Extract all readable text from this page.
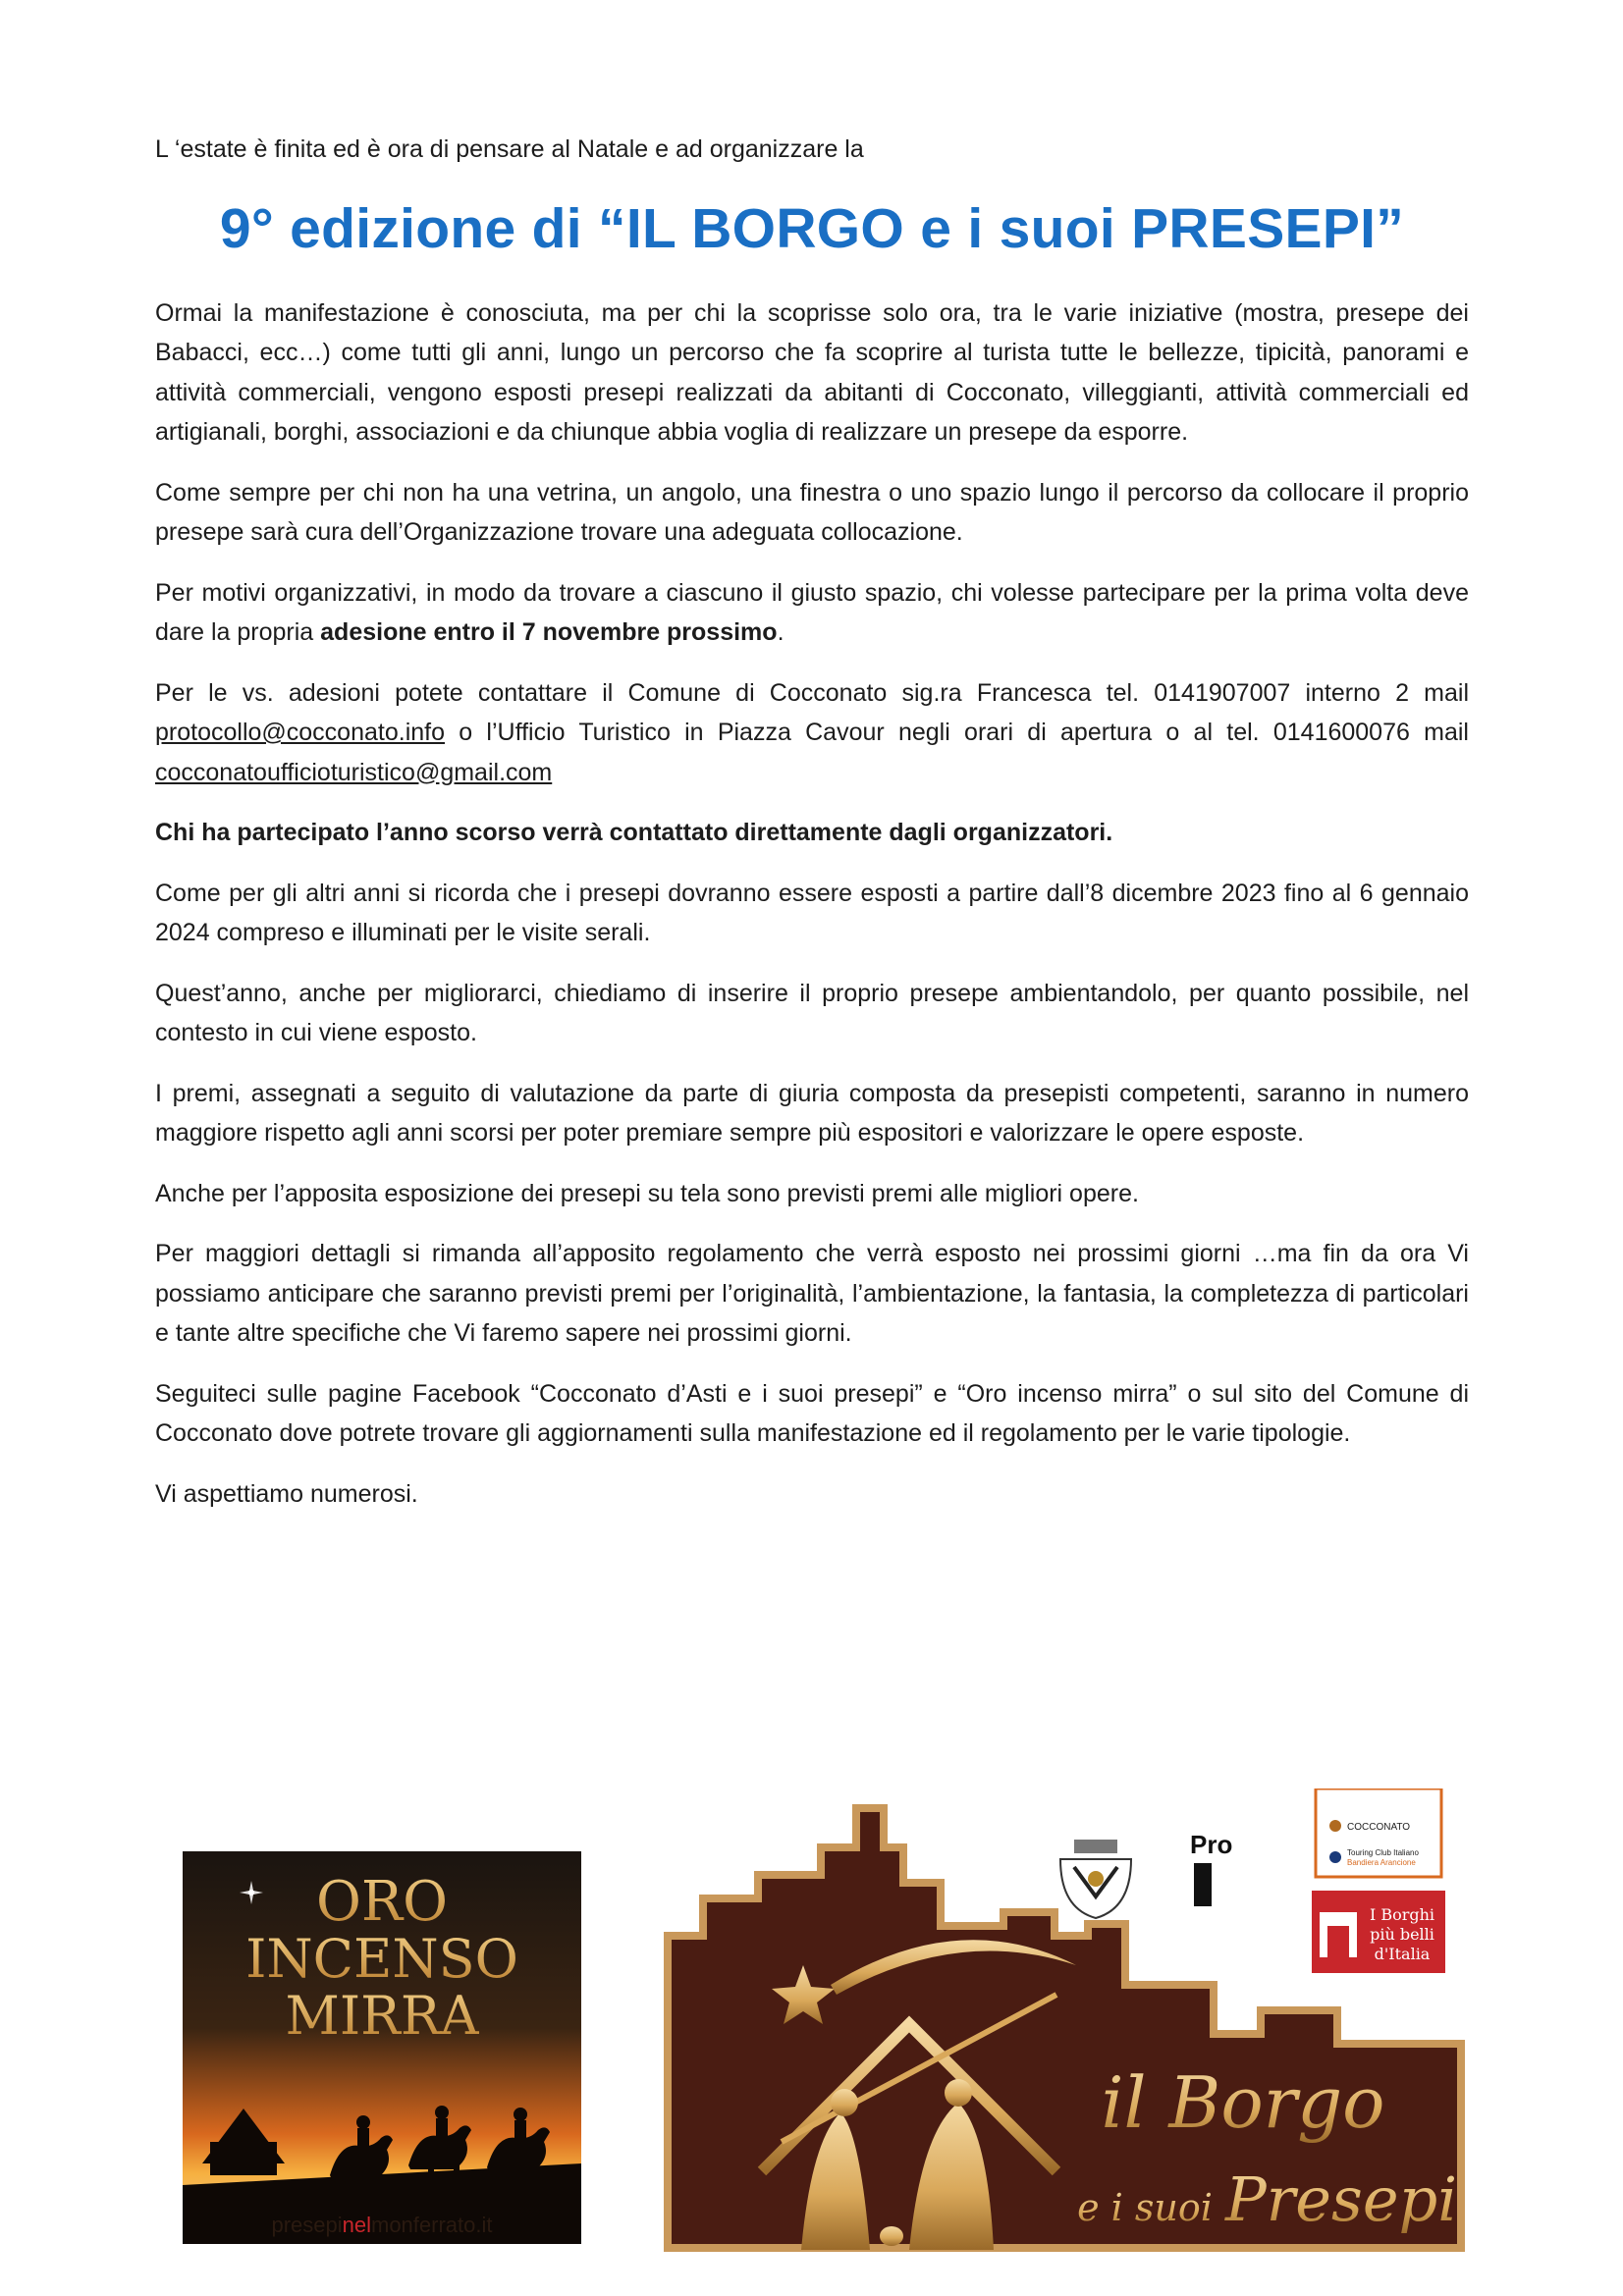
L ‘estate è finita ed è ora di pensare al Natale e ad organizzare la

9° edizione di “IL BORGO e i suoi PRESEPI”

Ormai la manifestazione è conosciuta, ma per chi la scoprisse solo ora, tra le varie iniziative (mostra, presepe dei Babacci, ecc…) come tutti gli anni, lungo un percorso che fa scoprire al turista tutte le bellezze, tipicità, panorami e attività commerciali, vengono esposti presepi realizzati da abitanti di Cocconato, villeggianti, attività commerciali ed artigianali, borghi, associazioni e da chiunque abbia voglia di realizzare un presepe da esporre.

Come sempre per chi non ha una vetrina, un angolo, una finestra o uno spazio lungo il percorso da collocare il proprio presepe sarà cura dell’Organizzazione trovare una adeguata collocazione.

Per motivi organizzativi, in modo da trovare a ciascuno il giusto spazio, chi volesse partecipare per la prima volta deve dare la propria adesione entro il 7 novembre prossimo.

Per le vs. adesioni potete contattare il Comune di Cocconato sig.ra Francesca tel. 0141907007 interno 2 mail protocollo@cocconato.info o l’Ufficio Turistico in Piazza Cavour negli orari di apertura o al tel. 0141600076 mail cocconatoufficioturistico@gmail.com

Chi ha partecipato l’anno scorso verrà contattato direttamente dagli organizzatori.

Come per gli altri anni si ricorda che i presepi dovranno essere esposti a partire dall’8 dicembre 2023 fino al 6 gennaio 2024 compreso e illuminati per le visite serali.

Quest’anno, anche per migliorarci, chiediamo di inserire il proprio presepe ambientandolo, per quanto possibile, nel contesto in cui viene esposto.

I premi, assegnati a seguito di valutazione da parte di giuria composta da presepisti competenti, saranno in numero maggiore rispetto agli anni scorsi per poter premiare sempre più espositori e valorizzare le opere esposte.

Anche per l’apposita esposizione dei presepi su tela sono previsti premi alle migliori opere.

Per maggiori dettagli si rimanda all’apposito regolamento che verrà esposto nei prossimi giorni …ma fin da ora Vi possiamo anticipare che saranno previsti premi per l’originalità, l’ambientazione, la fantasia, la completezza di particolari e tante altre specifiche che Vi faremo sapere nei prossimi giorni.

Seguiteci sulle pagine Facebook “Cocconato d’Asti e i suoi presepi” e “Oro incenso mirra” o sul sito del Comune di Cocconato dove potrete trovare gli aggiornamenti sulla manifestazione ed il regolamento per le varie tipologie.

Vi aspettiamo numerosi.

ORO
INCENSO
MIRRA
presepinelmonferrato.it
il Borgo
e i suoi Presepi
Pro
COCCONATO
Touring Club Italiano
Bandiera Arancione
I Borghi
più belli
d'Italia
